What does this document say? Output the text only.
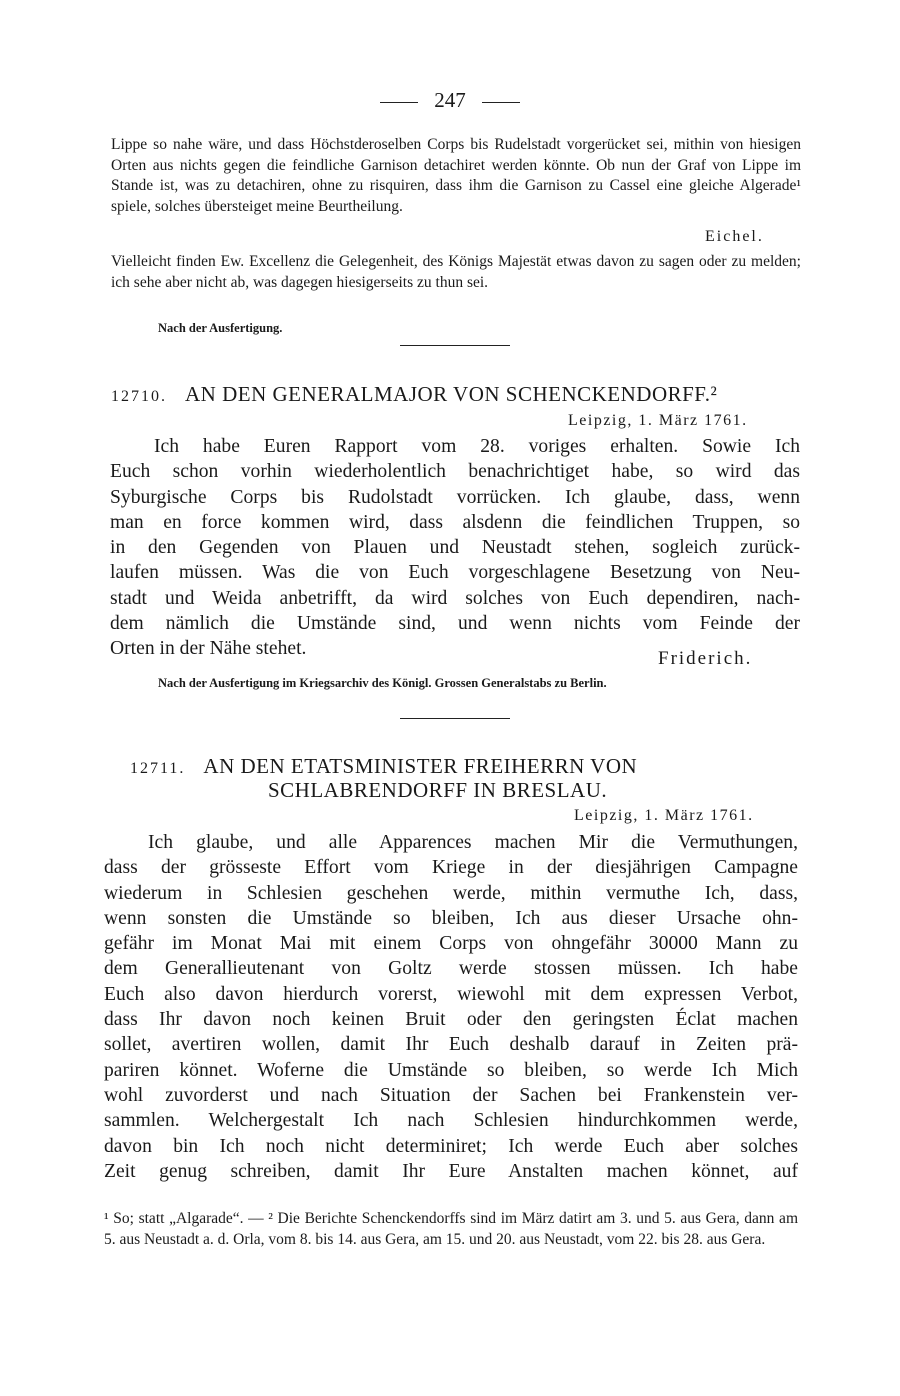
247
Lippe so nahe wäre, und dass Höchstderoselben Corps bis Rudelstadt vorgerücket sei, mithin von hiesigen Orten aus nichts gegen die feindliche Garnison detachiret werden könnte. Ob nun der Graf von Lippe im Stande ist, was zu detachiren, ohne zu risquiren, dass ihm die Garnison zu Cassel eine gleiche Algerade¹ spiele, solches übersteiget meine Beurtheilung.
Eichel.
Vielleicht finden Ew. Excellenz die Gelegenheit, des Königs Majestät etwas davon zu sagen oder zu melden; ich sehe aber nicht ab, was dagegen hiesigerseits zu thun sei.
Nach der Ausfertigung.
12710. AN DEN GENERALMAJOR VON SCHENCKENDORFF.²
Leipzig, 1. März 1761.

Ich habe Euren Rapport vom 28. voriges erhalten. Sowie Ich

Euch schon vorhin wiederholentlich benachrichtiget habe, so wird das

Syburgische Corps bis Rudolstadt vorrücken. Ich glaube, dass, wenn

man en force kommen wird, dass alsdenn die feindlichen Truppen, so

in den Gegenden von Plauen und Neustadt stehen, sogleich zurück-

laufen müssen. Was die von Euch vorgeschlagene Besetzung von Neu-

stadt und Weida anbetrifft, da wird solches von Euch dependiren, nach-

dem nämlich die Umstände sind, und wenn nichts vom Feinde der

Orten in der Nähe stehet.	Friderich.
Nach der Ausfertigung im Kriegsarchiv des Königl. Grossen Generalstabs zu Berlin.
12711. AN DEN ETATSMINISTER FREIHERRN VON
SCHLABRENDORFF IN BRESLAU.
Leipzig, 1. März 1761.

Ich glaube, und alle Apparences machen Mir die Vermuthungen,

dass der grösseste Effort vom Kriege in der diesjährigen Campagne

wiederum in Schlesien geschehen werde, mithin vermuthe Ich, dass,

wenn sonsten die Umstände so bleiben, Ich aus dieser Ursache ohn-

gefähr im Monat Mai mit einem Corps von ohngefähr 30000 Mann zu

dem Generallieutenant von Goltz werde stossen müssen. Ich habe

Euch also davon hierdurch vorerst, wiewohl mit dem expressen Verbot,

dass Ihr davon noch keinen Bruit oder den geringsten Éclat machen

sollet, avertiren wollen, damit Ihr Euch deshalb darauf in Zeiten prä-

pariren könnet. Woferne die Umstände so bleiben, so werde Ich Mich

wohl zuvorderst und nach Situation der Sachen bei Frankenstein ver-

sammlen. Welchergestalt Ich nach Schlesien hindurchkommen werde,

davon bin Ich noch nicht determiniret; Ich werde Euch aber solches

Zeit genug schreiben, damit Ihr Eure Anstalten machen könnet, auf

¹ So; statt „Algarade“. — ² Die Berichte Schenckendorffs sind im März datirt am 3. und 5. aus Gera, dann am 5. aus Neustadt a. d. Orla, vom 8. bis 14. aus Gera, am 15. und 20. aus Neustadt, vom 22. bis 28. aus Gera.
